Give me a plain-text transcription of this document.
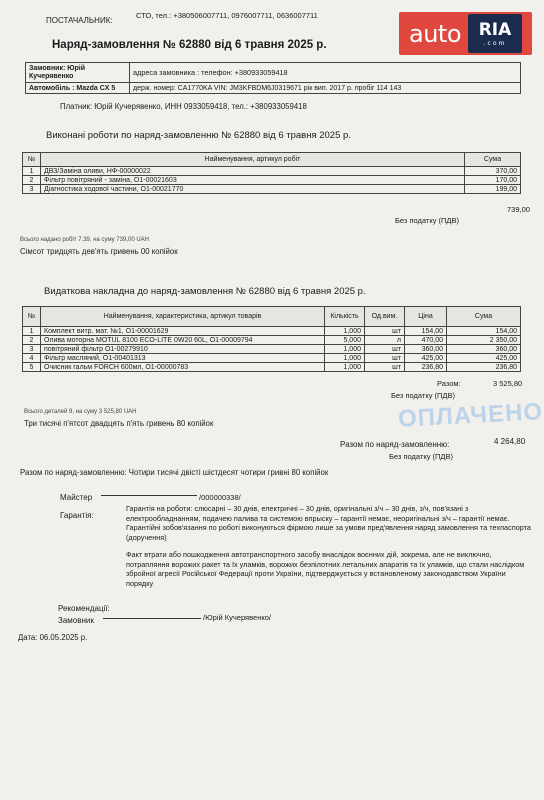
ПОСТАЧАЛЬНИК:
СТО, тел.: +380506007711, 0976007711, 0636007711
auto RIA
.com
Наряд-замовлення № 62880 від 6 травня 2025 р.
Замовник: Юрій Кучерявенко	адреса замовника : телефон: +380933059418
Автомобіль : Mazda CX 5	держ. номер: CA1770KA VIN: JM3KFBDM6J0319671 рік вип. 2017 р. пробіг 114 143
Платник: Юрій Кучерявенко, ИНН 0933059418, тел.: +380933059418
Виконані роботи по наряд-замовленню № 62880 від 6 травня 2025 р.
№	Найменування, артикул робіт	Сума
1	ДВЗ/Заміна оливи, НФ-00000022	370,00
2	Фільтр повітряний - заміна, О1-00021603	170,00
3	Діагностика ходової частини, О1-00021770	199,00
739,00
Без податку (ПДВ)
Всього надано робіт 7.39, на суму 739,00 UAH
Сімсот тридцять дев'ять гривень 00 копійок
Видаткова накладна до наряд-замовлення № 62880 від 6 травня 2025 р.
№	Найменування, характеристика, артикул товарів	Кількість	Од.вим.	Ціна	Сума
1	Комплект витр. мат. №1, О1-00001629	1,000	шт	154,00	154,00
2	Олива моторна MOTUL 8100 ECO-LITE 0W20 60L, О1-00009794	5,000	л	470,00	2 350,00
3	повітряний фільтр О1-00279910	1,000	шт	360,00	360,00
4	Фільтр масляний, О1-00401313	1,000	шт	425,00	425,00
5	Очисник гальм FORCH 600мл, О1-00000783	1,000	шт	236,80	236,80
Разом:	3 525,80
Без податку (ПДВ)
Всього деталей 9, на суму 3 525,80 UAH
Три тисячі п'ятсот двадцять п'ять гривень 80 копійок	ОПЛАЧЕНО
Разом по наряд-замовленню:	4 264,80
Без податку (ПДВ)
Разом по наряд-замовленню: Чотири тисячі двісті шістдесят чотири гривні 80 копійок
Майстер	/000000338/
Гарантія:
Гарантія на роботи: слюсарні – 30 днів, електричні – 30 днів, оригінальні з/ч – 30 днів, з/ч, пов'язані з електрообладнанням, подачею палива та системою впрыску – гарантії немає, неоригінальні з/ч – гарантії немає. Гарантійні зобов'язання по роботі виконуються фірмою лише за умови пред'явлення наряд замовлення та техпаспорта (доручення)
Факт втрати або пошкодження автотранспортного засобу внаслідок воєнних дій, зокрема, але не виключно, потрапляння ворожих ракет та їх уламків, ворожих безпілотних летальних апаратів та їх уламків, що стали наслідком збройної агресії Російської Федерації проти України, підтверджується у встановленому законодавством України порядку
Рекомендації:
Замовник	/Юрій Кучерявенко/
Дата: 06.05.2025 р.
